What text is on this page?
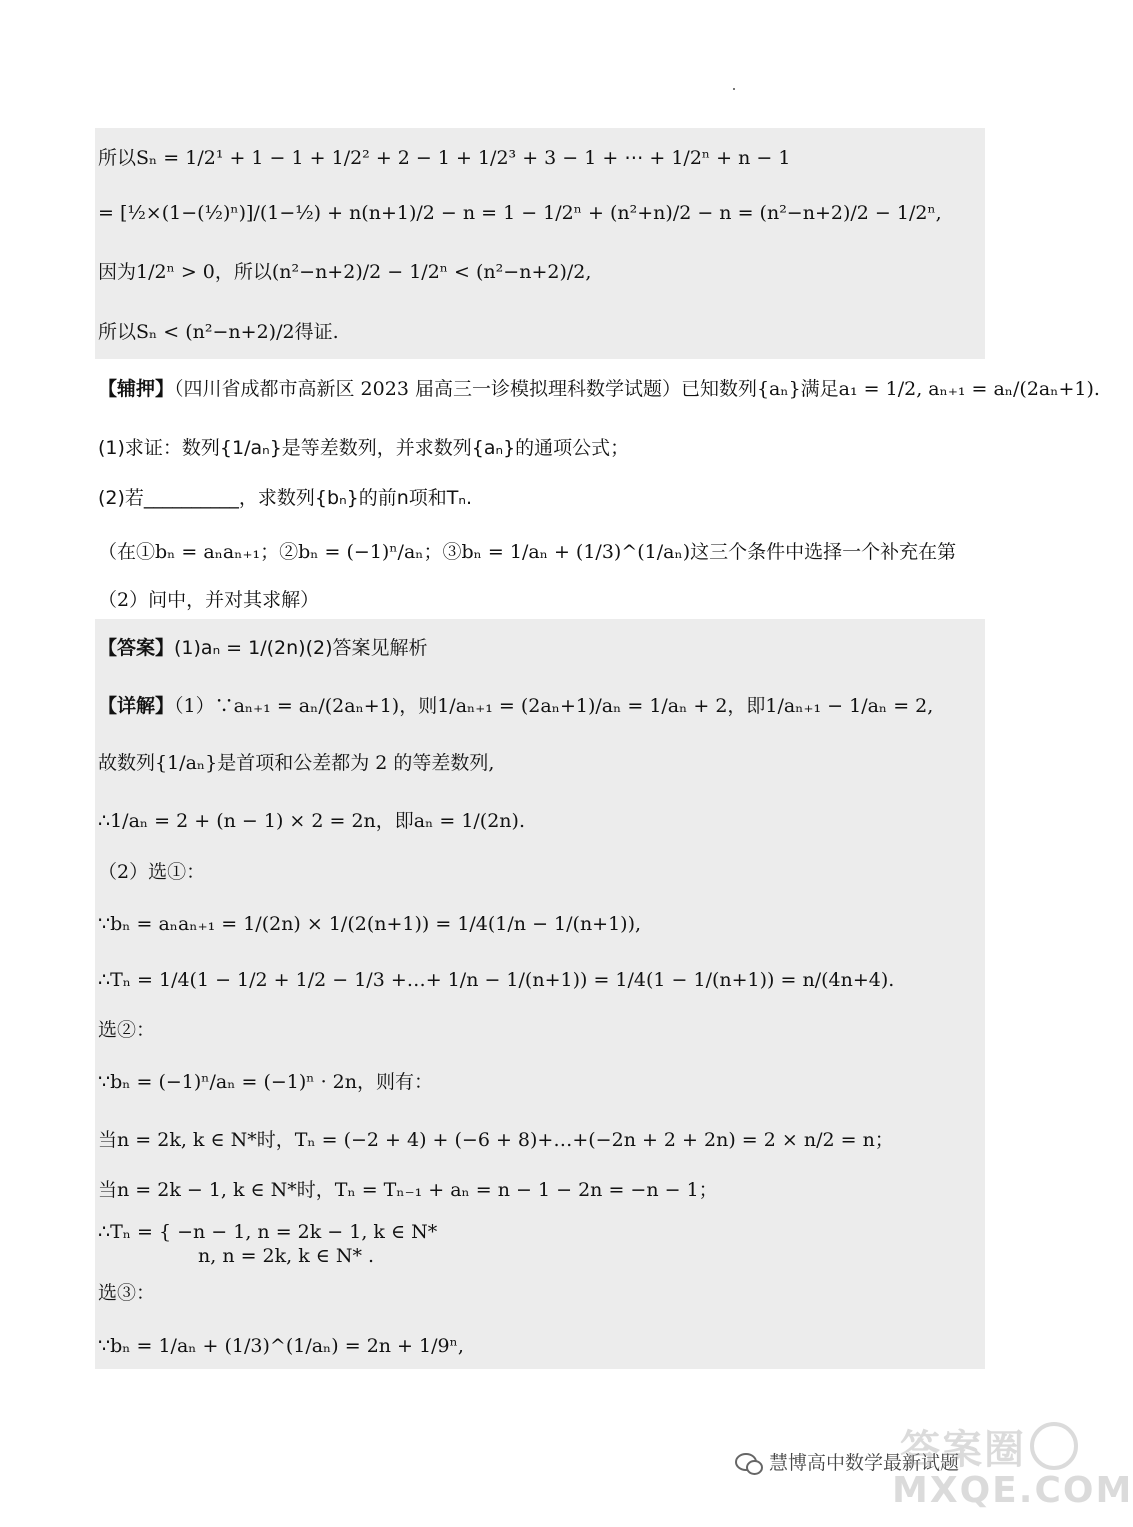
所以Sₙ = 1/2¹ + 1 − 1 + 1/2² + 2 − 1 + 1/2³ + 3 − 1 + ⋯ + 1/2ⁿ + n − 1
= [½×(1−(½)ⁿ)]/(1−½) + n(n+1)/2 − n = 1 − 1/2ⁿ + (n²+n)/2 − n = (n²−n+2)/2 − 1/2ⁿ,
因为1/2ⁿ > 0，所以(n²−n+2)/2 − 1/2ⁿ < (n²−n+2)/2,
所以Sₙ < (n²−n+2)/2得证.
【辅押】（四川省成都市高新区 2023 届高三一诊模拟理科数学试题）已知数列{aₙ}满足a₁ = 1/2, aₙ₊₁ = aₙ/(2aₙ+1).
(1)求证：数列{1/aₙ}是等差数列，并求数列{aₙ}的通项公式；
(2)若__________，求数列{bₙ}的前n项和Tₙ.
（在①bₙ = aₙaₙ₊₁；②bₙ = (−1)ⁿ/aₙ；③bₙ = 1/aₙ + (1/3)^(1/aₙ)这三个条件中选择一个补充在第（2）问中，并对其求解）
【答案】(1)aₙ = 1/(2n)(2)答案见解析
【详解】（1）∵aₙ₊₁ = aₙ/(2aₙ+1)，则1/aₙ₊₁ = (2aₙ+1)/aₙ = 1/aₙ + 2，即1/aₙ₊₁ − 1/aₙ = 2,
故数列{1/aₙ}是首项和公差都为 2 的等差数列,
∴1/aₙ = 2 + (n − 1) × 2 = 2n，即aₙ = 1/(2n).
（2）选①：
∵bₙ = aₙaₙ₊₁ = 1/(2n) × 1/(2(n+1)) = 1/4(1/n − 1/(n+1)),
∴Tₙ = 1/4(1 − 1/2 + 1/2 − 1/3 +…+ 1/n − 1/(n+1)) = 1/4(1 − 1/(n+1)) = n/(4n+4).
选②：
∵bₙ = (−1)ⁿ/aₙ = (−1)ⁿ · 2n，则有：
当n = 2k, k ∈ N*时，Tₙ = (−2 + 4) + (−6 + 8)+…+(−2n + 2 + 2n) = 2 × n/2 = n；
当n = 2k − 1, k ∈ N*时，Tₙ = Tₙ₋₁ + aₙ = n − 1 − 2n = −n − 1；
∴Tₙ = { −n − 1, n = 2k − 1, k ∈ N*
n, n = 2k, k ∈ N* .
选③：
∵bₙ = 1/aₙ + (1/3)^(1/aₙ) = 2n + 1/9ⁿ,
慧博高中数学最新试题
答案圈
MXQE.COM
